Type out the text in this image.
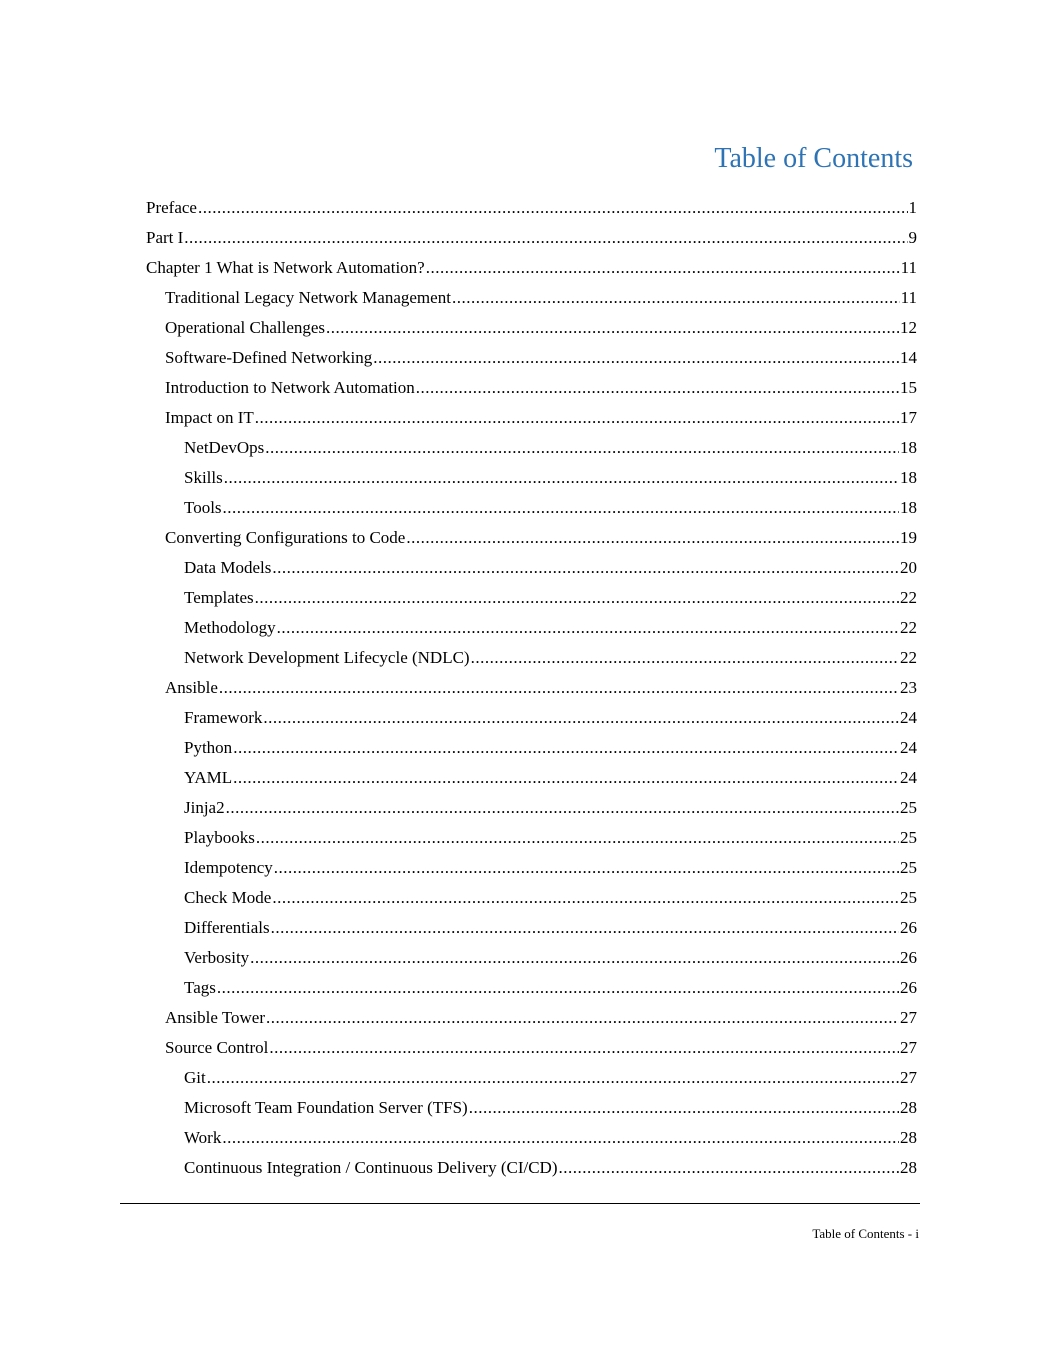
Table of Contents
Preface .....	1
Part I .....	9
Chapter 1 What is Network Automation? .....	11
Traditional Legacy Network Management .....	11
Operational Challenges .....	12
Software-Defined Networking .....	14
Introduction to Network Automation .....	15
Impact on IT .....	17
NetDevOps .....	18
Skills .....	18
Tools .....	18
Converting Configurations to Code .....	19
Data Models .....	20
Templates .....	22
Methodology .....	22
Network Development Lifecycle (NDLC) .....	22
Ansible .....	23
Framework .....	24
Python .....	24
YAML .....	24
Jinja2 .....	25
Playbooks .....	25
Idempotency .....	25
Check Mode .....	25
Differentials .....	26
Verbosity .....	26
Tags .....	26
Ansible Tower .....	27
Source Control .....	27
Git .....	27
Microsoft Team Foundation Server (TFS) .....	28
Work .....	28
Continuous Integration / Continuous Delivery (CI/CD) .....	28
Table of Contents - i
